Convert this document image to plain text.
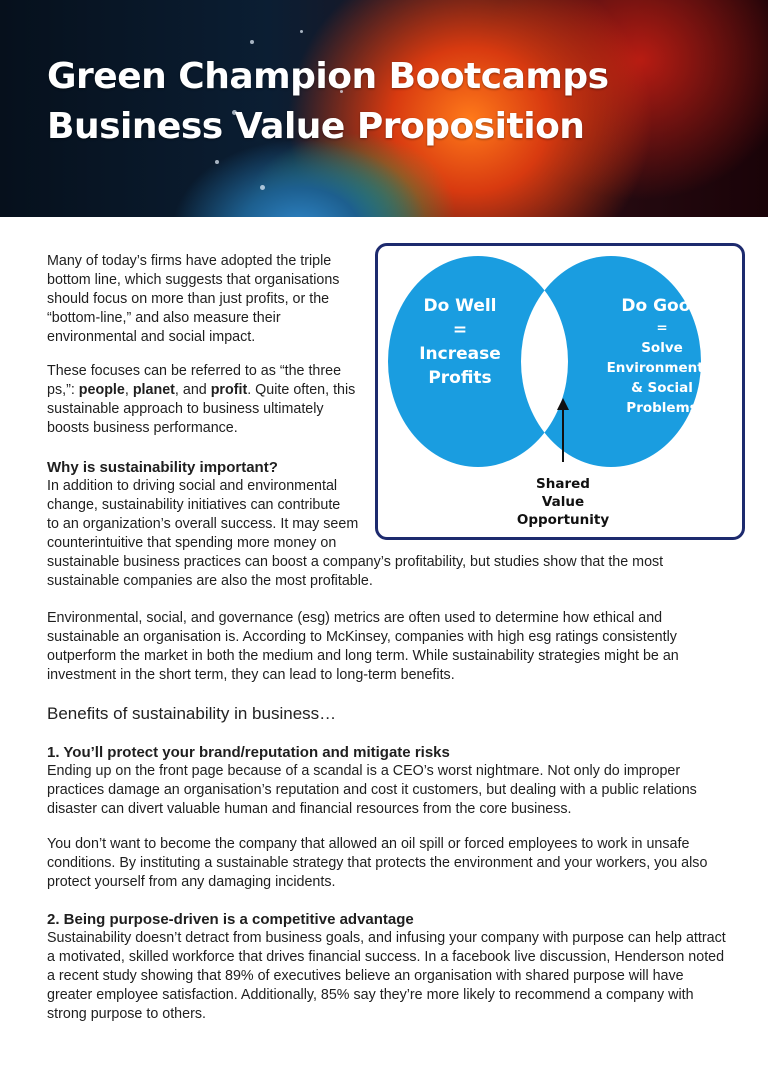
Green Champion Bootcamps
Business Value Proposition

Many of today’s firms have adopted the triple bottom line, which suggests that organisations should focus on more than just profits, or the “bottom-line,” and also measure their environmental and social impact.

These focuses can be referred to as “the three ps,”: people, planet, and profit. Quite often, this sustainable approach to business ultimately boosts business performance.

Why is sustainability important?

In addition to driving social and environmental
change, sustainability initiatives can contribute
to an organization’s overall success. It may seem
counterintuitive that spending more money on

sustainable business practices can boost a company’s profitability, but studies show that the most sustainable companies are also the most profitable.

Environmental, social, and governance (esg) metrics are often used to determine how ethical and sustainable an organisation is. According to McKinsey, companies with high esg ratings consistently outperform the market in both the medium and long term. While sustainability strategies might be an investment in the short term, they can lead to long-term benefits.

Benefits of sustainability in business…
1. You’ll protect your brand/reputation and mitigate risks

Ending up on the front page because of a scandal is a CEO’s worst nightmare. Not only do improper practices damage an organisation’s reputation and cost it customers, but dealing with a public relations disaster can divert valuable human and financial resources from the core business.

You don’t want to become the company that allowed an oil spill or forced employees to work in unsafe conditions. By instituting a sustainable strategy that protects the environment and your workers, you also protect yourself from any damaging incidents.

2. Being purpose-driven is a competitive advantage

Sustainability doesn’t detract from business goals, and infusing your company with purpose can help attract a motivated, skilled workforce that drives financial success. In a facebook live discussion, Henderson noted a recent study showing that 89% of executives believe an organisation with shared purpose will have greater employee satisfaction. Additionally, 85% say they’re more likely to recommend a company with strong purpose to others.

Do Well
=
Increase
Profits
Do Good
=
Solve
Environmental
& Social
Problems
Shared
Value
Opportunity
